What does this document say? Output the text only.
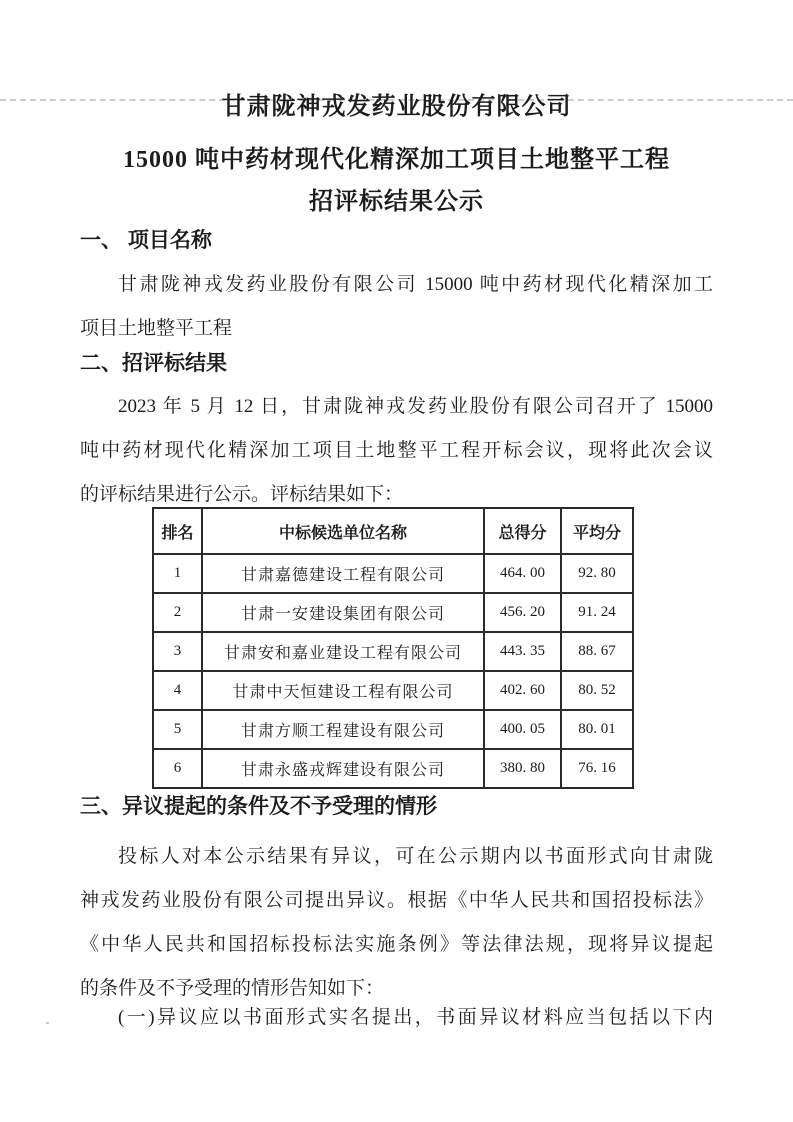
甘肃陇神戎发药业股份有限公司
15000 吨中药材现代化精深加工项目土地整平工程
招评标结果公示
一、 项目名称
甘肃陇神戎发药业股份有限公司 15000 吨中药材现代化精深加工
项目土地整平工程
二、招评标结果
2023 年 5 月 12 日，甘肃陇神戎发药业股份有限公司召开了 15000
吨中药材现代化精深加工项目土地整平工程开标会议，现将此次会议
的评标结果进行公示。评标结果如下：
排名	中标候选单位名称	总得分	平均分
1	甘肃嘉德建设工程有限公司	464. 00	92. 80
2	甘肃一安建设集团有限公司	456. 20	91. 24
3	甘肃安和嘉业建设工程有限公司	443. 35	88. 67
4	甘肃中天恒建设工程有限公司	402. 60	80. 52
5	甘肃方顺工程建设有限公司	400. 05	80. 01
6	甘肃永盛戎辉建设有限公司	380. 80	76. 16
三、异议提起的条件及不予受理的情形
投标人对本公示结果有异议，可在公示期内以书面形式向甘肃陇
神戎发药业股份有限公司提出异议。根据《中华人民共和国招投标法》
《中华人民共和国招标投标法实施条例》等法律法规，现将异议提起
的条件及不予受理的情形告知如下：
(一)异议应以书面形式实名提出，书面异议材料应当包括以下内
